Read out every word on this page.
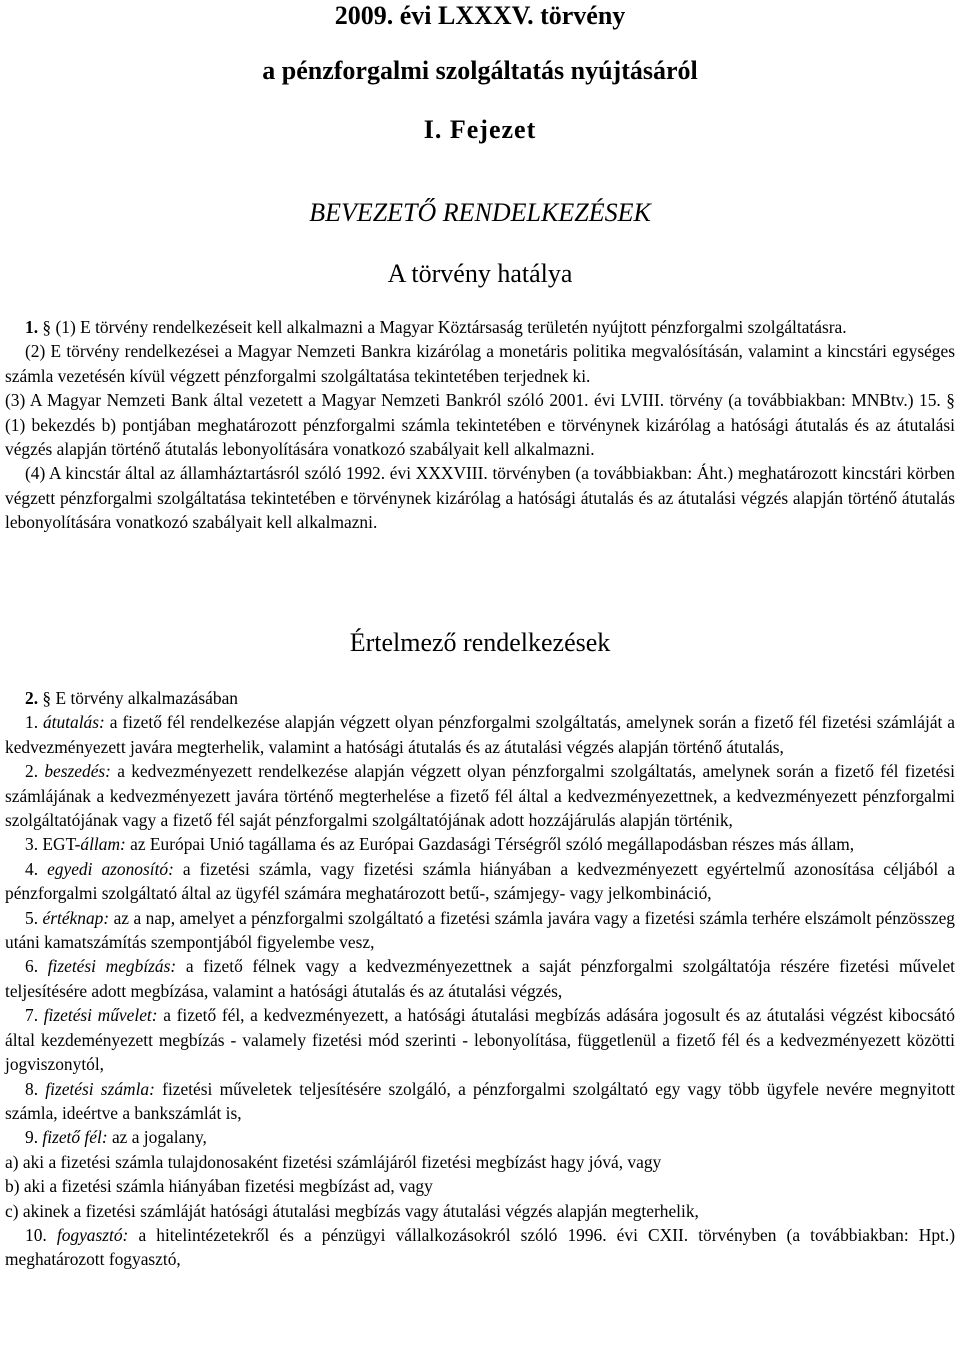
2009. évi LXXXV. törvény
a pénzforgalmi szolgáltatás nyújtásáról
I. Fejezet
BEVEZETŐ RENDELKEZÉSEK
A törvény hatálya

1. § (1) E törvény rendelkezéseit kell alkalmazni a Magyar Köztársaság területén nyújtott pénzforgalmi szolgáltatásra.

(2) E törvény rendelkezései a Magyar Nemzeti Bankra kizárólag a monetáris politika megvalósításán, valamint a kincstári egységes számla vezetésén kívül végzett pénzforgalmi szolgáltatása tekintetében terjednek ki.

(3) A Magyar Nemzeti Bank által vezetett a Magyar Nemzeti Bankról szóló 2001. évi LVIII. törvény (a továbbiakban: MNBtv.) 15. § (1) bekezdés b) pontjában meghatározott pénzforgalmi számla tekintetében e törvénynek kizárólag a hatósági átutalás és az átutalási végzés alapján történő átutalás lebonyolítására vonatkozó szabályait kell alkalmazni.

(4) A kincstár által az államháztartásról szóló 1992. évi XXXVIII. törvényben (a továbbiakban: Áht.) meghatározott kincstári körben végzett pénzforgalmi szolgáltatása tekintetében e törvénynek kizárólag a hatósági átutalás és az átutalási végzés alapján történő átutalás lebonyolítására vonatkozó szabályait kell alkalmazni.

Értelmező rendelkezések

2. § E törvény alkalmazásában

1. átutalás: a fizető fél rendelkezése alapján végzett olyan pénzforgalmi szolgáltatás, amelynek során a fizető fél fizetési számláját a kedvezményezett javára megterhelik, valamint a hatósági átutalás és az átutalási végzés alapján történő átutalás,

2. beszedés: a kedvezményezett rendelkezése alapján végzett olyan pénzforgalmi szolgáltatás, amelynek során a fizető fél fizetési számlájának a kedvezményezett javára történő megterhelése a fizető fél által a kedvezményezettnek, a kedvezményezett pénzforgalmi szolgáltatójának vagy a fizető fél saját pénzforgalmi szolgáltatójának adott hozzájárulás alapján történik,

3. EGT-állam: az Európai Unió tagállama és az Európai Gazdasági Térségről szóló megállapodásban részes más állam,

4. egyedi azonosító: a fizetési számla, vagy fizetési számla hiányában a kedvezményezett egyértelmű azonosítása céljából a pénzforgalmi szolgáltató által az ügyfél számára meghatározott betű-, számjegy- vagy jelkombináció,

5. értéknap: az a nap, amelyet a pénzforgalmi szolgáltató a fizetési számla javára vagy a fizetési számla terhére elszámolt pénzösszeg utáni kamatszámítás szempontjából figyelembe vesz,

6. fizetési megbízás: a fizető félnek vagy a kedvezményezettnek a saját pénzforgalmi szolgáltatója részére fizetési művelet teljesítésére adott megbízása, valamint a hatósági átutalás és az átutalási végzés,

7. fizetési művelet: a fizető fél, a kedvezményezett, a hatósági átutalási megbízás adására jogosult és az átutalási végzést kibocsátó által kezdeményezett megbízás - valamely fizetési mód szerinti - lebonyolítása, függetlenül a fizető fél és a kedvezményezett közötti jogviszonytól,

8. fizetési számla: fizetési műveletek teljesítésére szolgáló, a pénzforgalmi szolgáltató egy vagy több ügyfele nevére megnyitott számla, ideértve a bankszámlát is,

9. fizető fél: az a jogalany,

a) aki a fizetési számla tulajdonosaként fizetési számlájáról fizetési megbízást hagy jóvá, vagy

b) aki a fizetési számla hiányában fizetési megbízást ad, vagy

c) akinek a fizetési számláját hatósági átutalási megbízás vagy átutalási végzés alapján megterhelik,

10. fogyasztó: a hitelintézetekről és a pénzügyi vállalkozásokról szóló 1996. évi CXII. törvényben (a továbbiakban: Hpt.) meghatározott fogyasztó,
